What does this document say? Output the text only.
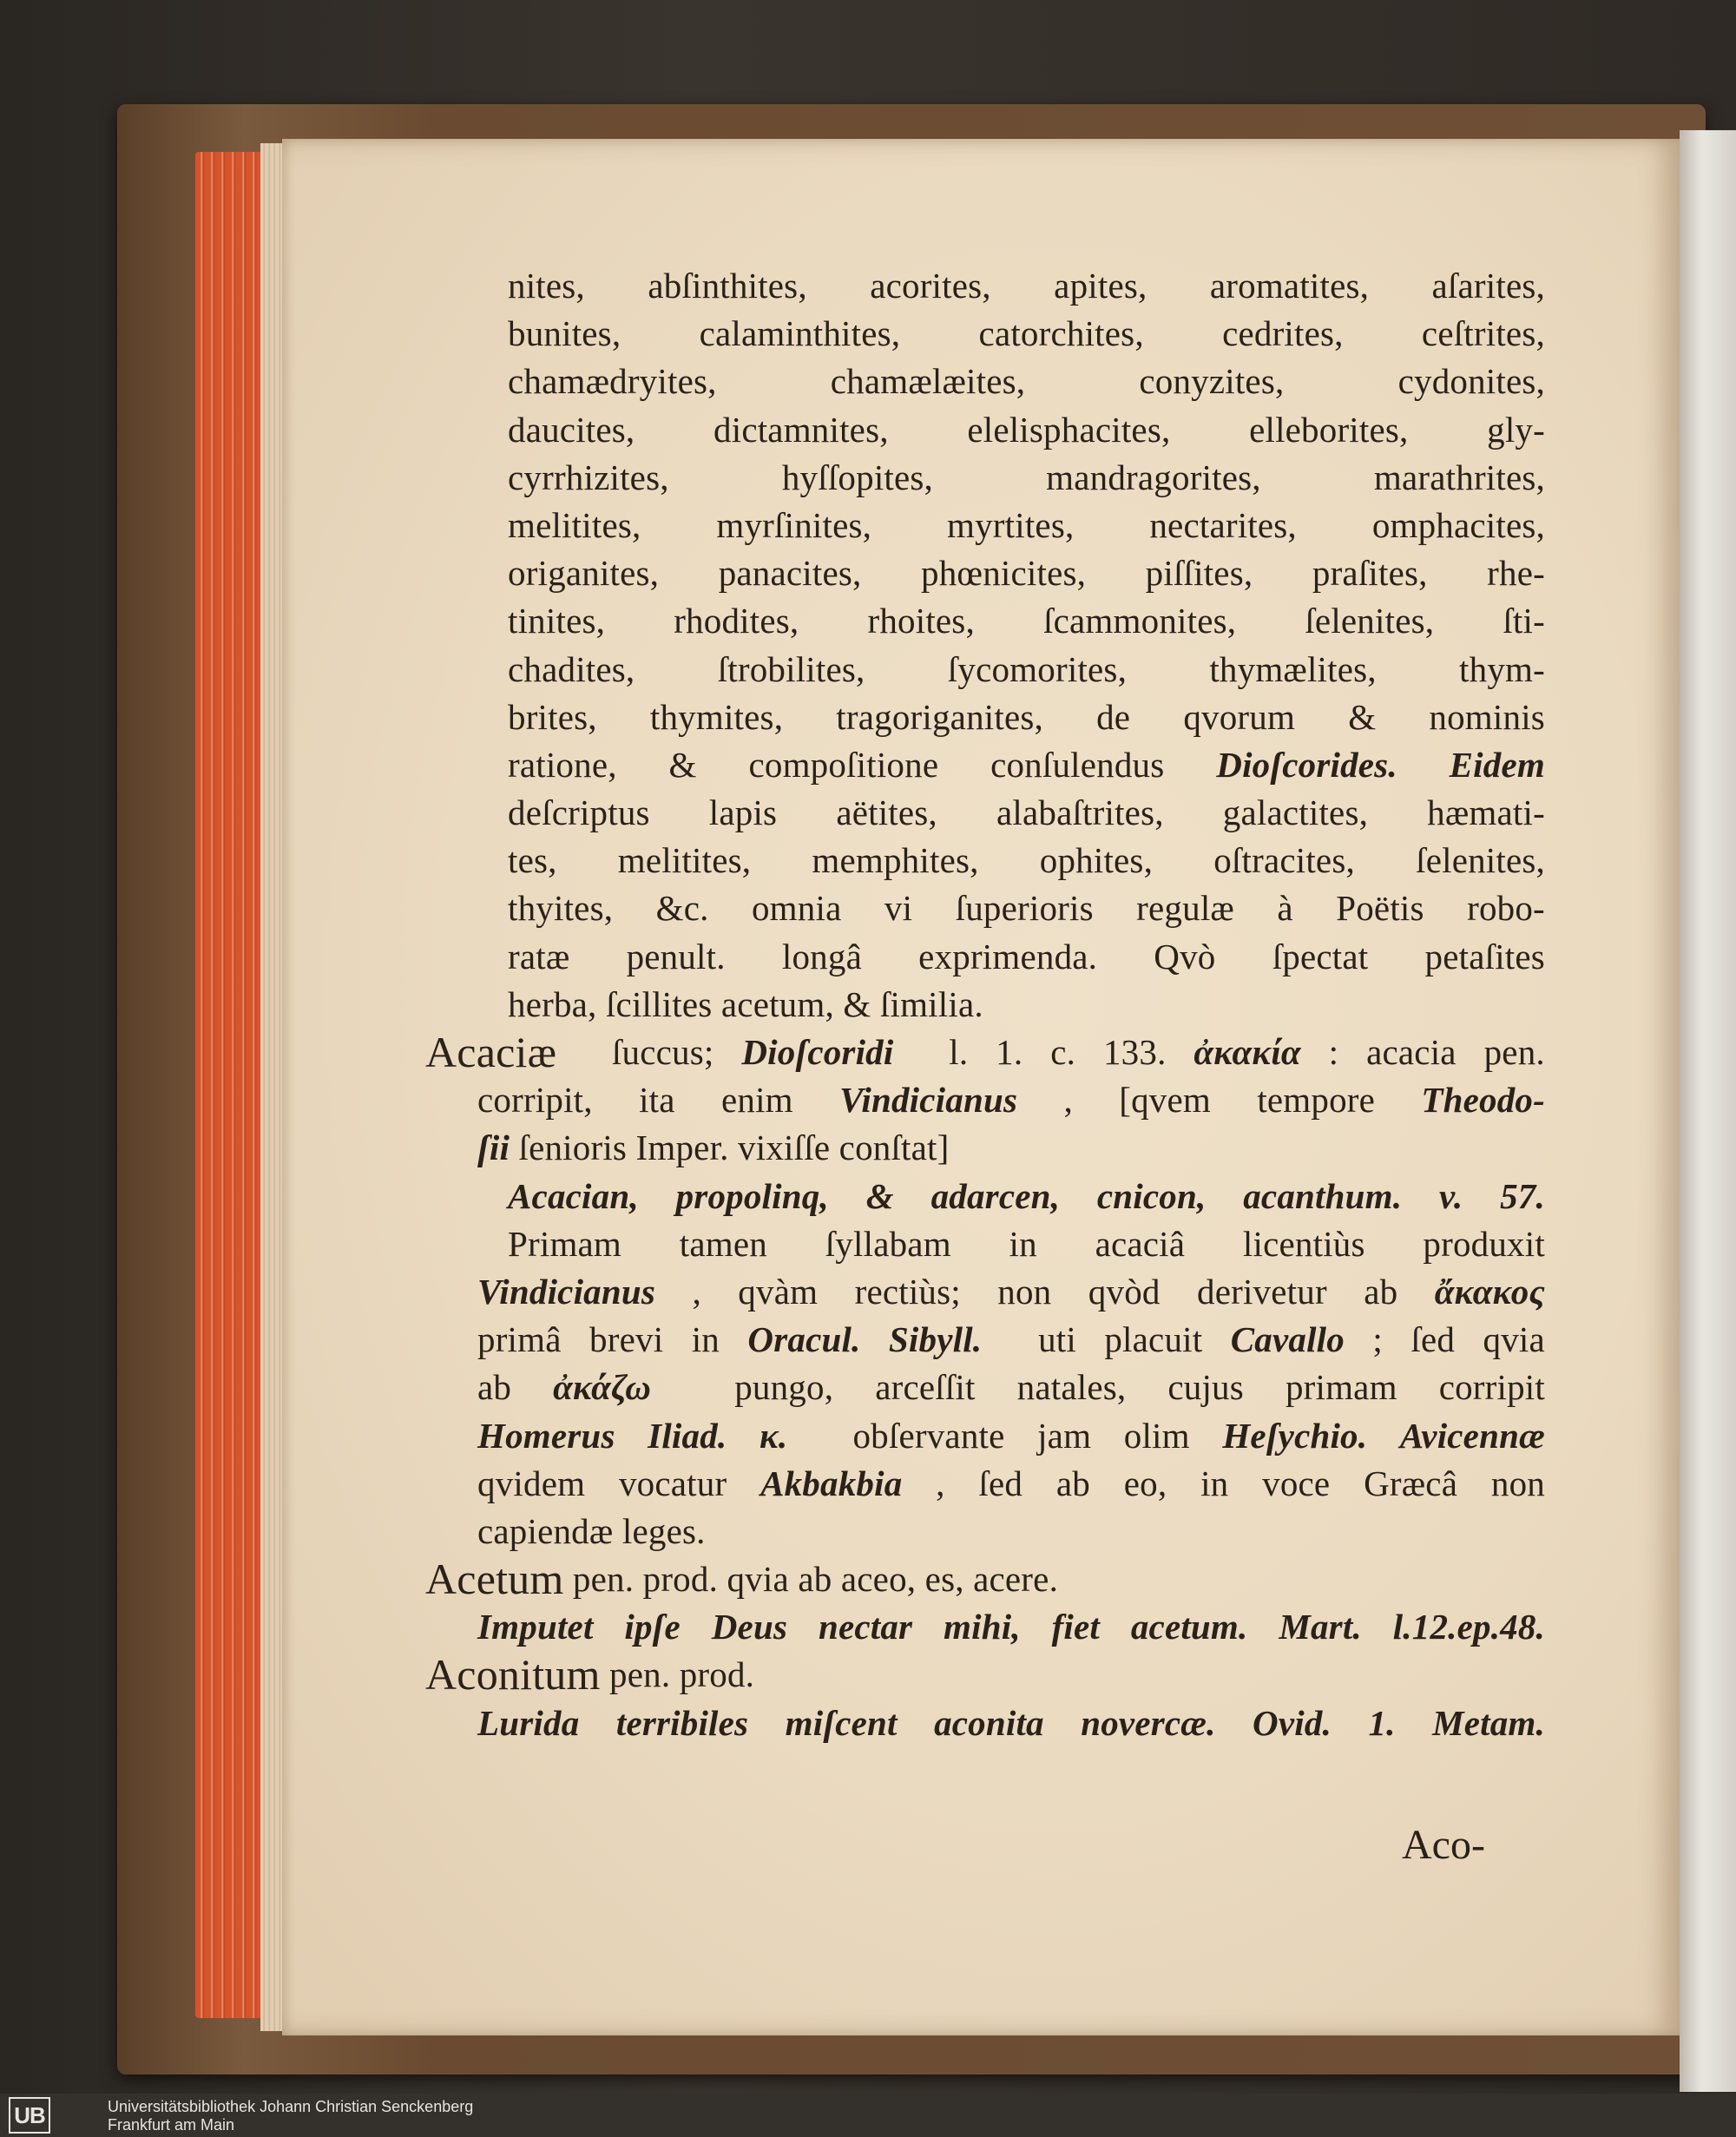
nites, abſinthites, acorites, apites, aromatites, aſarites,
bunites, calaminthites, catorchites, cedrites, ceſtrites,
chamædryites,	chamælæites,	conyzites,	cydonites,
daucites, dictamnites, elelisphacites, elleborites, gly-
cyrrhizites,	hyſſopites,	mandragorites,	marathrites,
melitites, myrſinites, myrtites, nectarites, omphacites,
origanites, panacites, phœnicites, piſſites, praſites, rhe-
tinites, rhodites, rhoites, ſcammonites, ſelenites, ſti-
chadites, ſtrobilites, ſycomorites, thymælites, thym-
brites, thymites, tragoriganites, de qvorum & nominis
ratione, & compoſitione conſulendus Dioſcorides. Eidem
deſcriptus lapis aëtites, alabaſtrites, galactites, hæmati-
tes, melitites, memphites, ophites, oſtracites, ſelenites,
thyites, &c. omnia vi ſuperioris regulæ à Poëtis robo-
ratæ penult. longâ exprimenda. Qvò ſpectat petaſites
herba, ſcillites acetum, & ſimilia.
Acaciæ ſuccus; Dioſcoridi l. 1. c. 133. ἀκακία : acacia pen.
corripit, ita enim Vindicianus , [qvem tempore Theodo-
ſii ſenioris Imper. vixiſſe conſtat]
Acacian, propolinq, & adarcen, cnicon, acanthum. v. 57.
Primam tamen ſyllabam in acaciâ licentiùs produxit
Vindicianus , qvàm rectiùs; non qvòd derivetur ab ἄκακος
primâ brevi in Oracul. Sibyll. uti placuit Cavallo ; ſed qvia
ab ἀκάζω pungo, arceſſit natales, cujus primam corripit
Homerus Iliad. κ. obſervante jam olim Heſychio. Avicennæ
qvidem vocatur Akbakbia , ſed ab eo, in voce Græcâ non
capiendæ leges.
Acetum pen. prod. qvia ab aceo, es, acere.
Imputet ipſe Deus nectar mihi, fiet acetum. Mart. l.12.ep.48.
Aconitum pen. prod.
Lurida terribiles miſcent aconita novercæ. Ovid. 1. Metam.
Aco-
UB	Universitätsbibliothek Johann Christian Senckenberg
Frankfurt am Main
